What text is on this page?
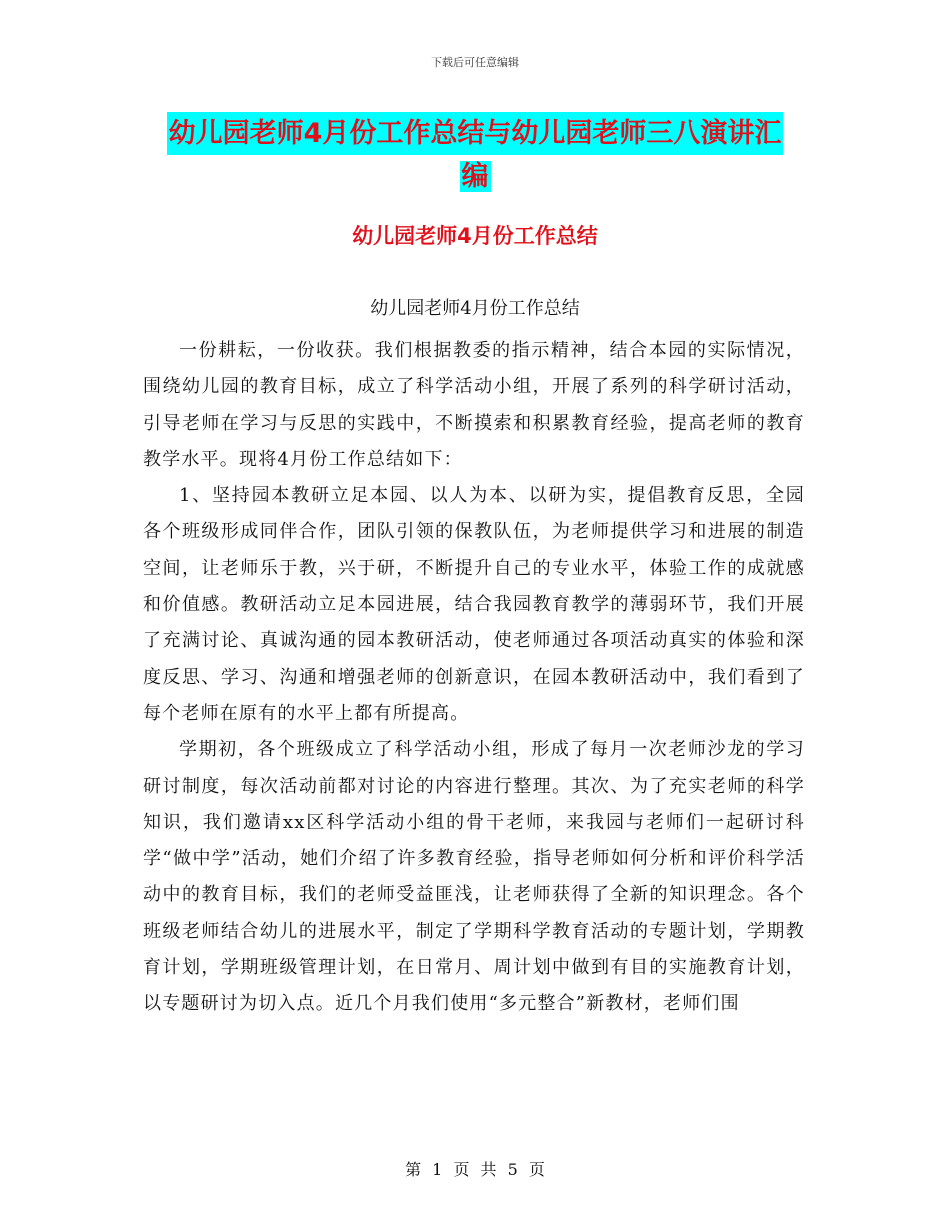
下载后可任意编辑
幼儿园老师4月份工作总结与幼儿园老师三八演讲汇
编
幼儿园老师4月份工作总结
幼儿园老师4月份工作总结

一份耕耘，一份收获。我们根据教委的指示精神，结合本园的实际情况，围绕幼儿园的教育目标，成立了科学活动小组，开展了系列的科学研讨活动，引导老师在学习与反思的实践中，不断摸索和积累教育经验，提高老师的教育教学水平。现将4月份工作总结如下：

1、坚持园本教研立足本园、以人为本、以研为实，提倡教育反思，全园各个班级形成同伴合作，团队引领的保教队伍，为老师提供学习和进展的制造空间，让老师乐于教，兴于研，不断提升自己的专业水平，体验工作的成就感和价值感。教研活动立足本园进展，结合我园教育教学的薄弱环节，我们开展了充满讨论、真诚沟通的园本教研活动，使老师通过各项活动真实的体验和深度反思、学习、沟通和增强老师的创新意识，在园本教研活动中，我们看到了每个老师在原有的水平上都有所提高。

学期初，各个班级成立了科学活动小组，形成了每月一次老师沙龙的学习研讨制度，每次活动前都对讨论的内容进行整理。其次、为了充实老师的科学知识，我们邀请xx区科学活动小组的骨干老师，来我园与老师们一起研讨科学“做中学”活动，她们介绍了许多教育经验，指导老师如何分析和评价科学活动中的教育目标，我们的老师受益匪浅，让老师获得了全新的知识理念。各个班级老师结合幼儿的进展水平，制定了学期科学教育活动的专题计划，学期教育计划，学期班级管理计划，在日常月、周计划中做到有目的实施教育计划，以专题研讨为切入点。近几个月我们使用“多元整合”新教材，老师们围

第 1 页 共 5 页
